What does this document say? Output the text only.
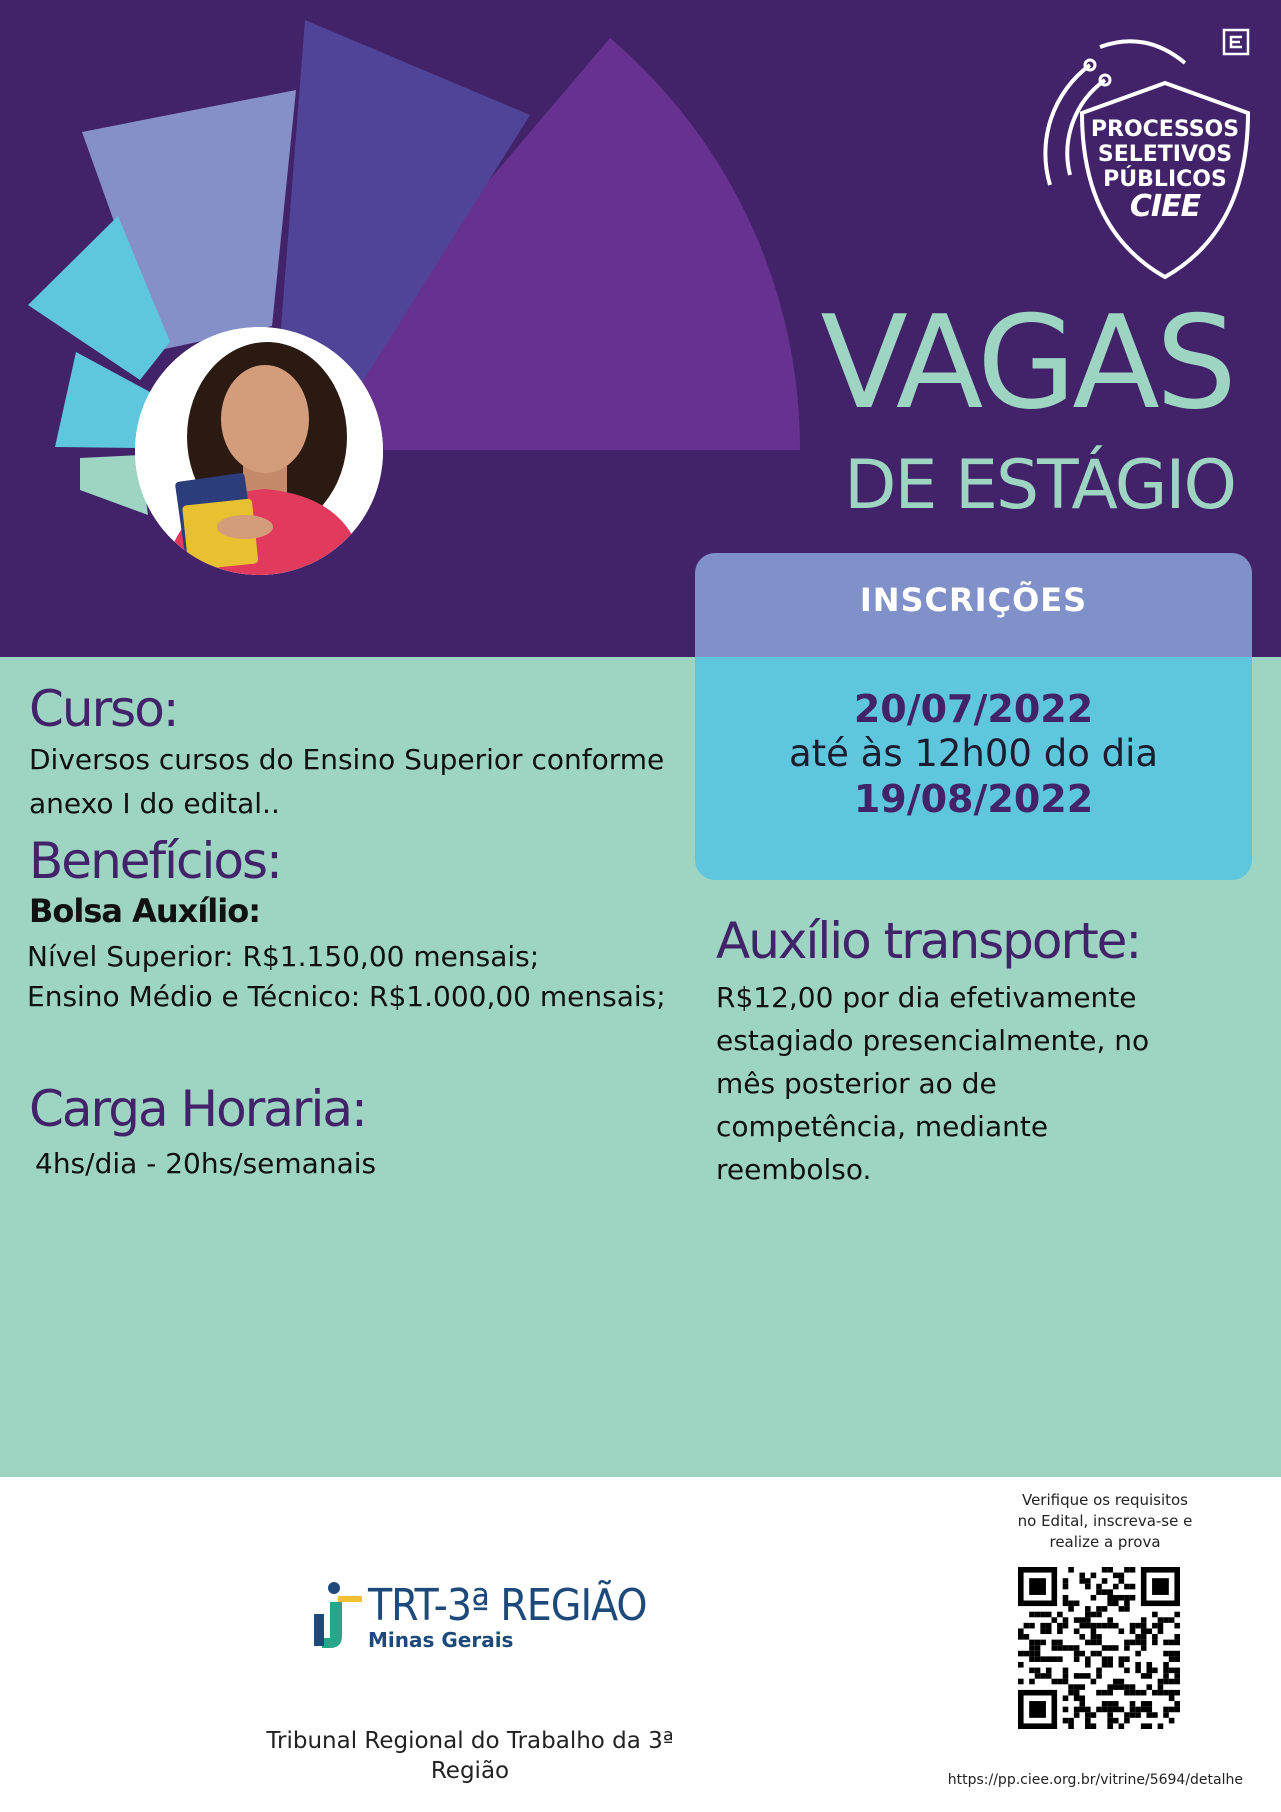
PROCESSOS
SELETIVOS
PÚBLICOS
CIEE
VAGAS
DE ESTÁGIO
INSCRIÇÕES
20/07/2022
até às 12h00 do dia
19/08/2022
Curso:
Diversos cursos do Ensino Superior conforme
anexo I do edital..
Benefícios:
Bolsa Auxílio:
Nível Superior: R$1.150,00 mensais;
Ensino Médio e Técnico: R$1.000,00 mensais;
Carga Horaria:
4hs/dia - 20hs/semanais
Auxílio transporte:
R$12,00 por dia efetivamente
estagiado presencialmente, no
mês posterior ao de
competência, mediante
reembolso.
TRT-3ª REGIÃO
Minas Gerais
Tribunal Regional do Trabalho da 3ª
Região
Verifique os requisitos
no Edital, inscreva-se e
realize a prova
https://pp.ciee.org.br/vitrine/5694/detalhe
